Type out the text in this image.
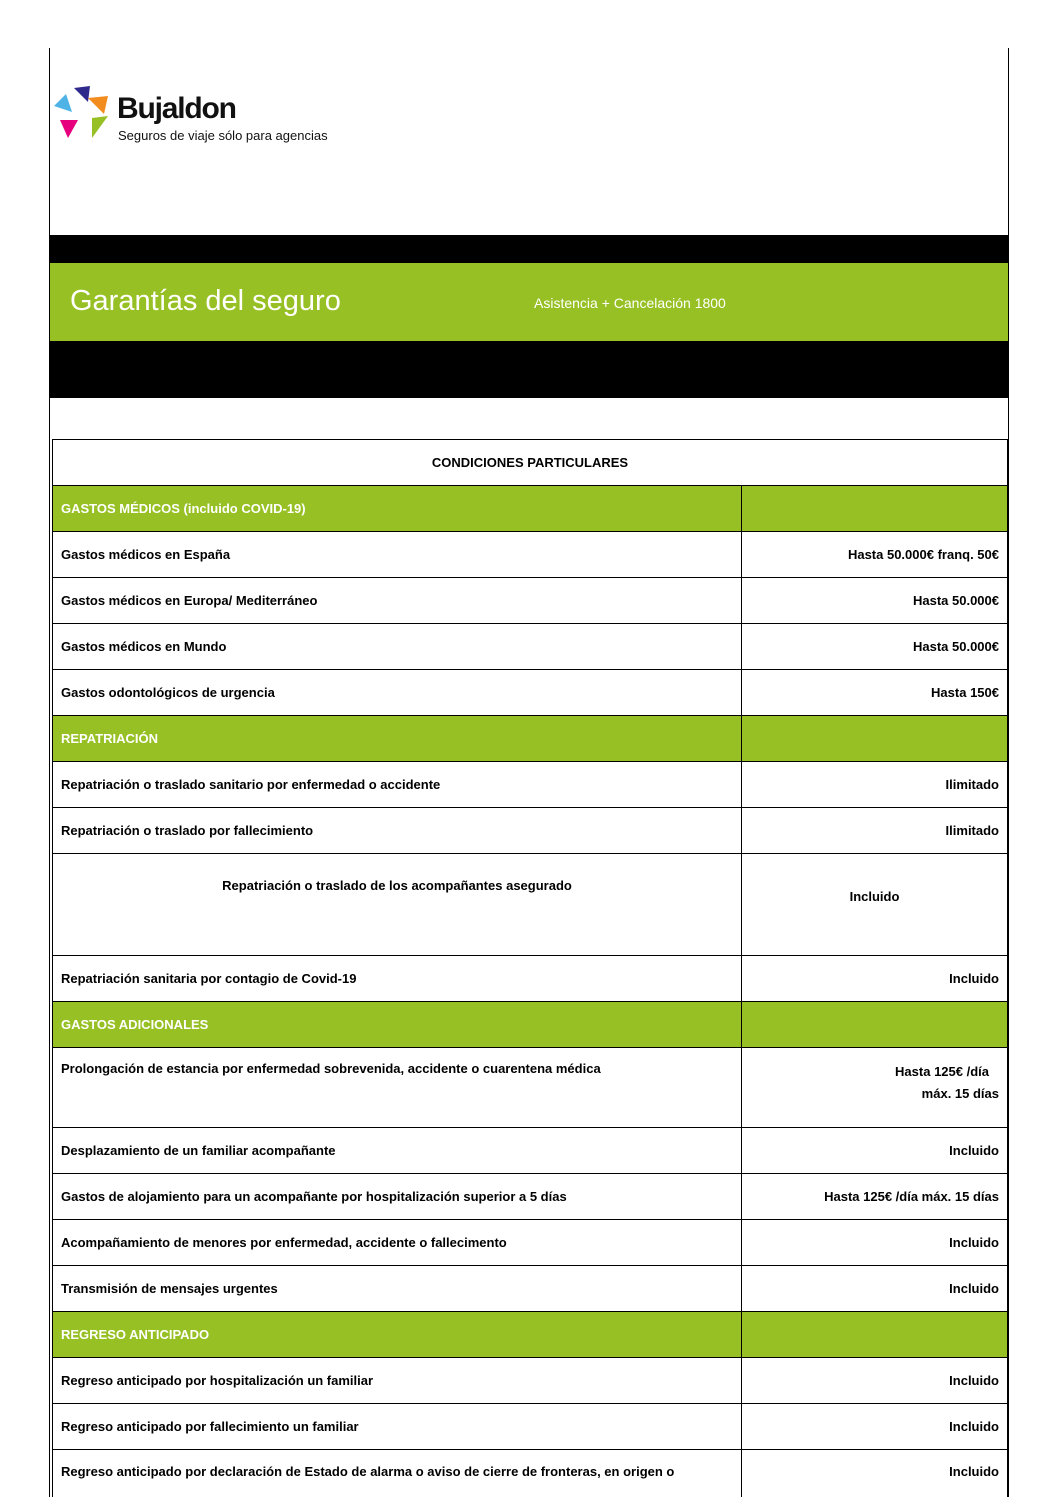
Bujaldon
Seguros de viaje sólo para agencias
Garantías del seguro	Asistencia + Cancelación 1800
CONDICIONES PARTICULARES	
GASTOS MÉDICOS (incluido COVID-19)	
Gastos médicos en España	Hasta 50.000€ franq. 50€
Gastos médicos en Europa/ Mediterráneo	Hasta 50.000€
Gastos médicos en Mundo	Hasta 50.000€
Gastos odontológicos de urgencia	Hasta 150€
REPATRIACIÓN	
Repatriación o traslado sanitario por enfermedad o accidente	Ilimitado
Repatriación o traslado por fallecimiento	Ilimitado
Repatriación o traslado de los acompañantes asegurado	Incluido
Repatriación sanitaria por contagio de Covid-19	Incluido
GASTOS ADICIONALES	
Prolongación de estancia por enfermedad sobrevenida, accidente o cuarentena médica	Hasta 125€ /día
máx. 15 días

Desplazamiento de un familiar acompañante	Incluido
Gastos de alojamiento para un acompañante por hospitalización superior a 5 días	Hasta 125€ /día máx. 15 días
Acompañamiento de menores por enfermedad, accidente o fallecimento	Incluido
Transmisión de mensajes urgentes	Incluido
REGRESO ANTICIPADO	
Regreso anticipado por hospitalización un familiar	Incluido
Regreso anticipado por fallecimiento un familiar	Incluido
Regreso anticipado por declaración de Estado de alarma o aviso de cierre de fronteras, en origen o	Incluido
